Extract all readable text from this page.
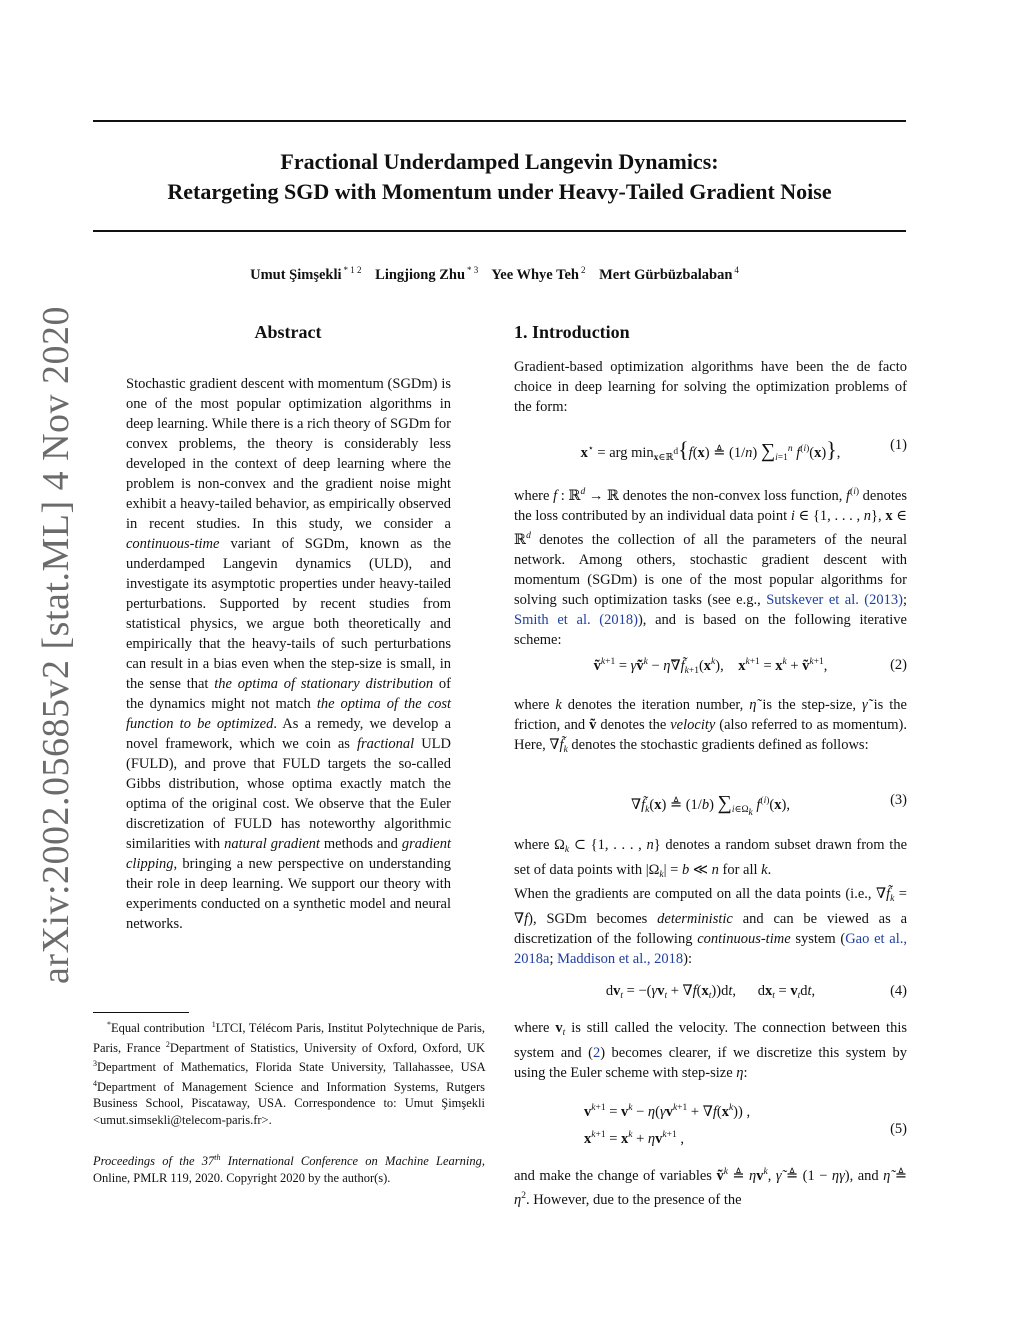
arXiv:2002.05685v2 [stat.ML] 4 Nov 2020
Fractional Underdamped Langevin Dynamics:
Retargeting SGD with Momentum under Heavy-Tailed Gradient Noise
Umut Şimşekli $^{* 1 2}$ Lingjiong Zhu $^{* 3}$ Yee Whye Teh $^2$ Mert Gürbüzbalaban $^4$
Abstract
Stochastic gradient descent with momentum (SGDm) is one of the most popular optimization algorithms in deep learning. While there is a rich theory of SGDm for convex problems, the theory is considerably less developed in the context of deep learning where the problem is non-convex and the gradient noise might exhibit a heavy-tailed behavior, as empirically observed in recent studies. In this study, we consider a continuous-time variant of SGDm, known as the underdamped Langevin dynamics (ULD), and investigate its asymptotic properties under heavy-tailed perturbations. Supported by recent studies from statistical physics, we argue both theoretically and empirically that the heavy-tails of such perturbations can result in a bias even when the step-size is small, in the sense that the optima of stationary distribution of the dynamics might not match the optima of the cost function to be optimized. As a remedy, we develop a novel framework, which we coin as fractional ULD (FULD), and prove that FULD targets the so-called Gibbs distribution, whose optima exactly match the optima of the original cost. We observe that the Euler discretization of FULD has noteworthy algorithmic similarities with natural gradient methods and gradient clipping, bringing a new perspective on understanding their role in deep learning. We support our theory with experiments conducted on a synthetic model and neural networks.
*Equal contribution $^1$LTCI, Télécom Paris, Institut Polytechnique de Paris, Paris, France $^2$Department of Statistics, University of Oxford, Oxford, UK $^3$Department of Mathematics, Florida State University, Tallahassee, USA $^4$Department of Management Science and Information Systems, Rutgers Business School, Piscataway, USA. Correspondence to: Umut Şimşekli <umut.simsekli@telecom-paris.fr>.
Proceedings of the 37th International Conference on Machine Learning, Online, PMLR 119, 2020. Copyright 2020 by the author(s).
1. Introduction
Gradient-based optimization algorithms have been the de facto choice in deep learning for solving the optimization problems of the form:
x⋆ = arg $\min_{x\in ℝ^d}\{f(x)$ ≜ (1/n) $\sum_{i=1}^n$ $f^{(i)}(x)$},	(1)
where f : ℝ$^d$ → ℝ denotes the non-convex loss function, $f^{(i)}$ denotes the loss contributed by an individual data point i ∈ {1, . . . , n}, x ∈ ℝ$^d$ denotes the collection of all the parameters of the neural network. Among others, stochastic gradient descent with momentum (SGDm) is one of the most popular algorithms for solving such optimization tasks (see e.g., Sutskever et al. (2013); Smith et al. (2018)), and is based on the following iterative scheme:
ṽ$^{k+1}$ = γ̃ṽ$^k$ − $\etã\nabla f̃_{k+1}(x^k)$,    $x^{k+1} = x^k$ + ṽ$^{k+1}$,	(2)
where k denotes the iteration number, η̃ is the step-size, γ̃ is the friction, and ṽ denotes the velocity (also referred to as momentum). Here, $\nabla f̃_k$ denotes the stochastic gradients defined as follows:
$\nabla f̃_k(x)$ ≜ (1/b) $\sum_{i\in\Omega_k}$ $f^{(i)}(x)$,	(3)
where $\Omega_k$ ⊂ {1, . . . , n} denotes a random subset drawn from the set of data points with $|\Omega_k| = b$ ≪ n for all k.
When the gradients are computed on all the data points (i.e., $\nabla f̃_k = \nabla f$), SGDm becomes deterministic and can be viewed as a discretization of the following continuous-time system (Gao et al., 2018a; Maddison et al., 2018):
$dv_t = -(\gamma v_t + \nabla f(x_t))dt$,      $dx_t = v_tdt$,	(4)
where $v_t$ is still called the velocity. The connection between this system and (2) becomes clearer, if we discretize this system by using the Euler scheme with step-size η:
$v^{k+1} = v^k - \eta(\gamma v^{k+1} + \nabla f(x^k))$ ,
$x^{k+1} = x^k + \eta v^{k+1}$ ,
(5)
and make the change of variables ṽ$^k$ ≜ $\eta v^k$, γ̃ ≜ (1 − ηγ), and η̃ ≜ $\eta^2$. However, due to the presence of the
